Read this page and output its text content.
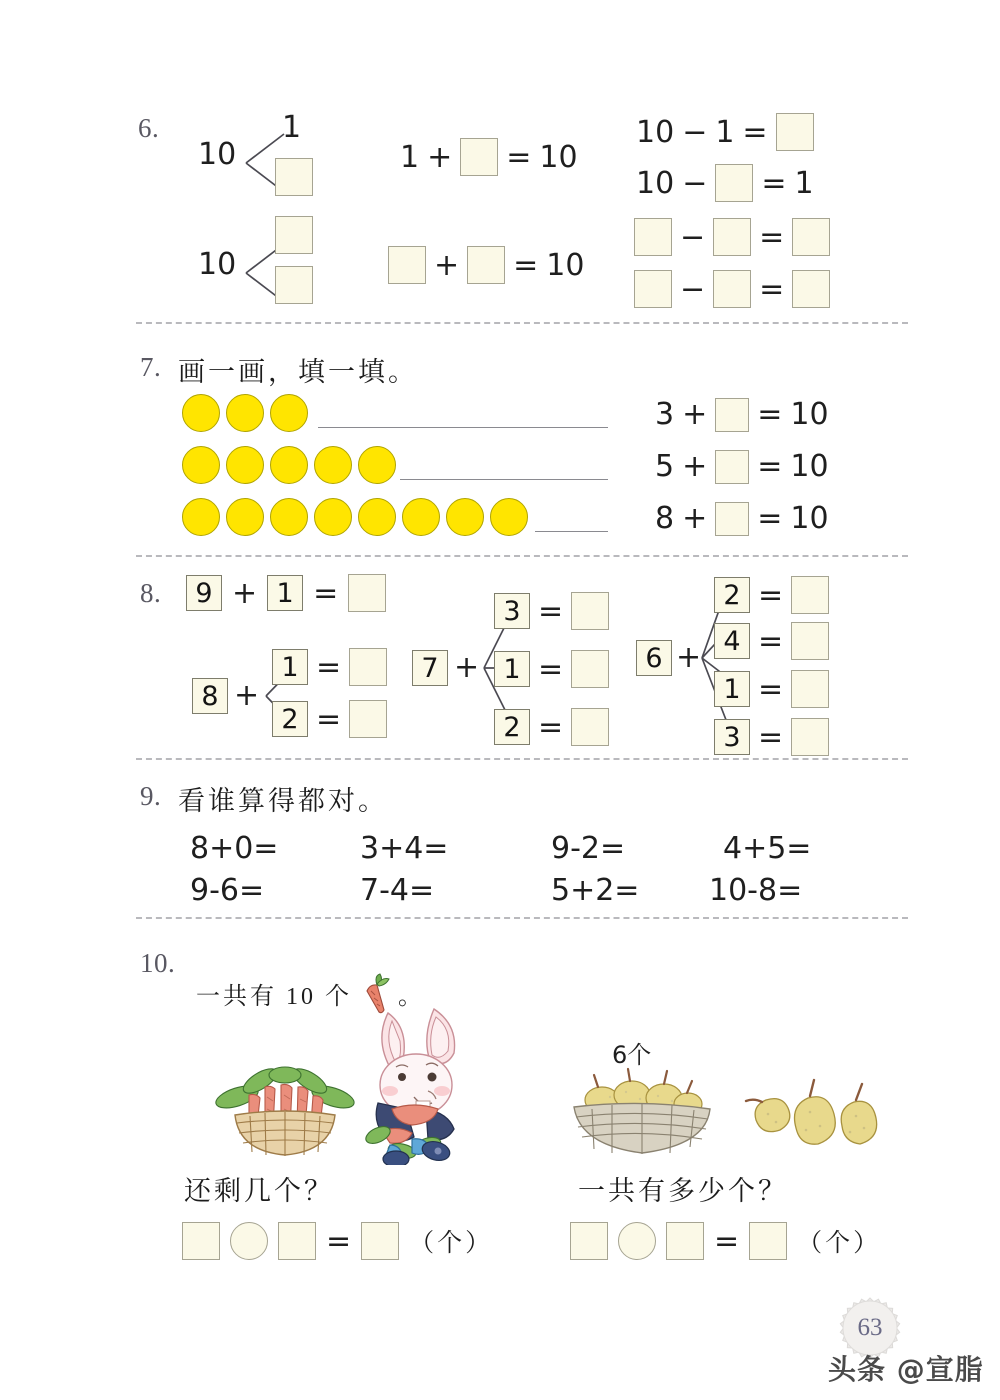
6.
10
1
10
1 + = 10
+ = 10
10 − 1 =
10 − = 1
− =
− =
7. 画一画，填一填。
3 + = 10
5 + = 10
8 + = 10
8.	9 + 1 =
8 +
1 =
2 =
7 +
3 =
1 =
2 =
6 +
2 =
4 =
1 =
3 =
9. 看谁算得都对。
8+0=	3+4=	9-2=	4+5=
9-6=	7-4=	5+2= 10-8=
10.
一共有 10 个 。
6个
还剩几个？
= （个）
一共有多少个？
= （个）
63
头条 @宣脂
